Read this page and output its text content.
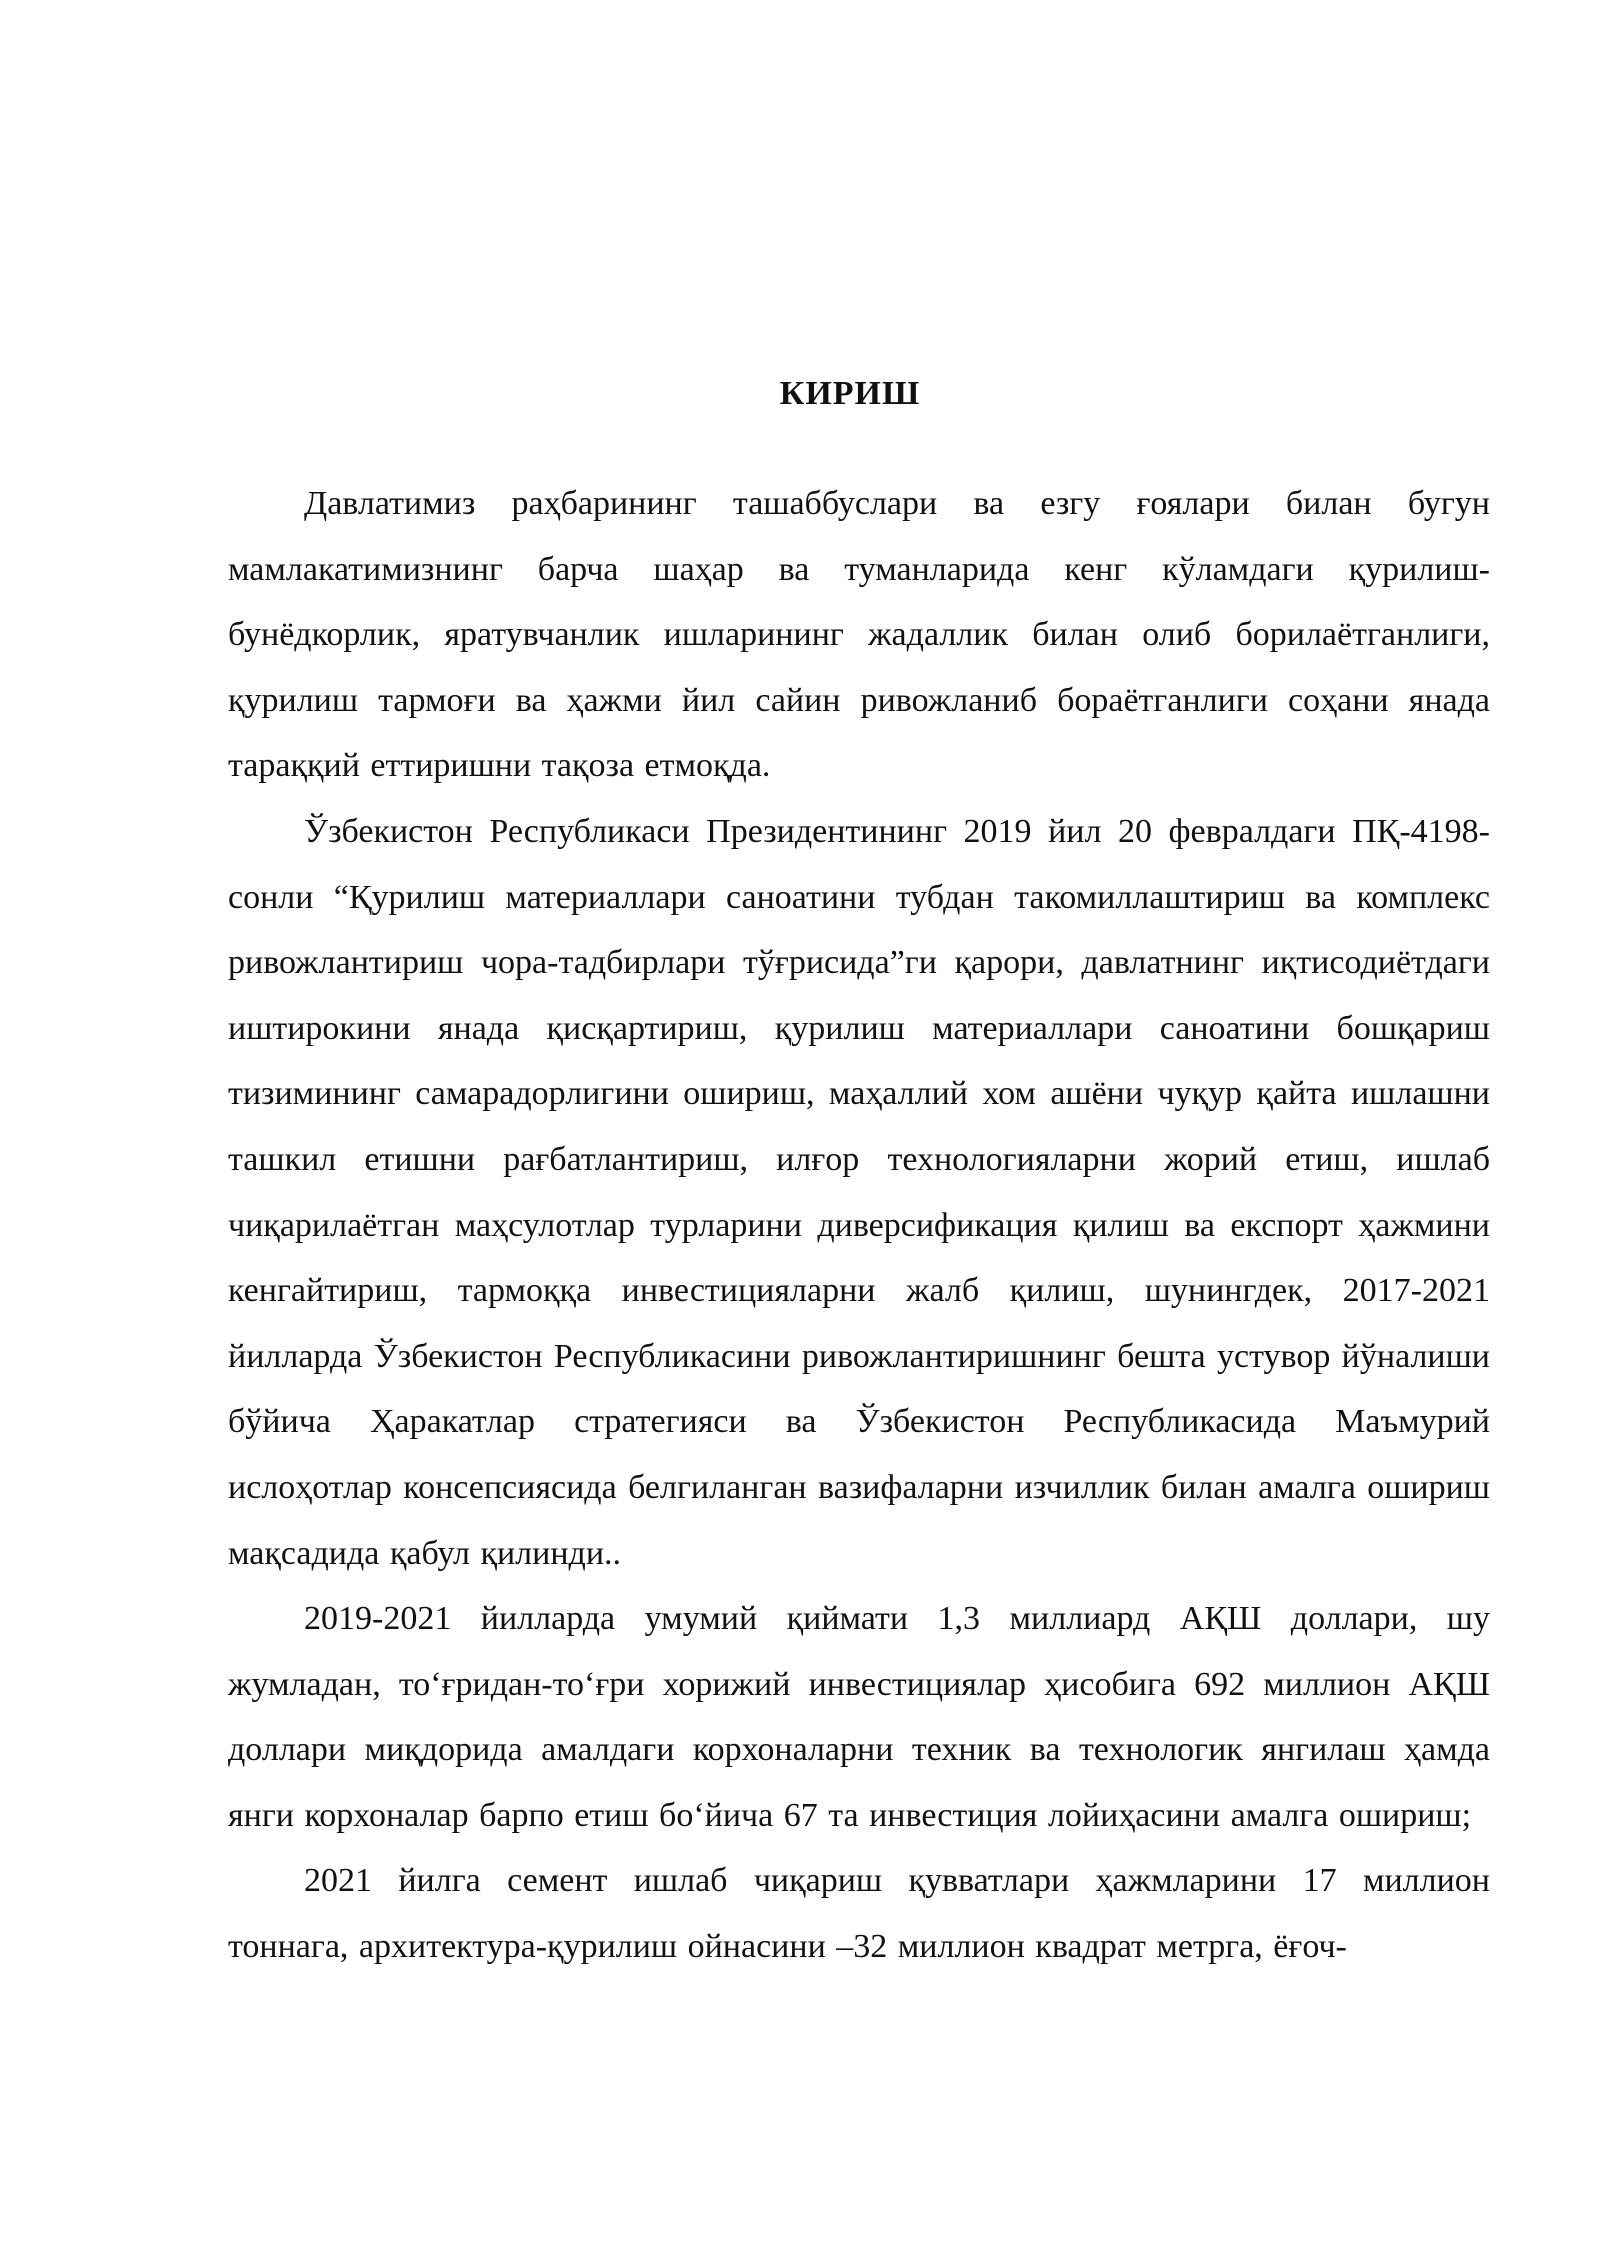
КИРИШ

Давлатимиз раҳбарининг ташаббуслари ва езгу ғоялари билан бугун мамлакатимизнинг барча шаҳар ва туманларида кенг кўламдаги қурилиш-бунёдкорлик, яратувчанлик ишларининг жадаллик билан олиб борилаётганлиги, қурилиш тармоғи ва ҳажми йил сайин ривожланиб бораётганлиги соҳани янада тараққий еттиришни тақоза етмоқда.

Ўзбекистон Республикаси Президентининг 2019 йил 20 февралдаги ПҚ-4198-сонли “Қурилиш материаллари саноатини тубдан такомиллаштириш ва комплекс ривожлантириш чора-тадбирлари тўғрисида”ги қарори, давлатнинг иқтисодиётдаги иштирокини янада қисқартириш, қурилиш материаллари саноатини бошқариш тизимининг самарадорлигини ошириш, маҳаллий хом ашёни чуқур қайта ишлашни ташкил етишни рағбатлантириш, илғор технологияларни жорий етиш, ишлаб чиқарилаётган маҳсулотлар турларини диверсификация қилиш ва експорт ҳажмини кенгайтириш, тармоққа инвестицияларни жалб қилиш, шунингдек, 2017-2021 йилларда Ўзбекистон Республикасини ривожлантиришнинг бешта устувор йўналиши бўйича Ҳаракатлар стратегияси ва Ўзбекистон Республикасида Маъмурий ислоҳотлар консепсиясида белгиланган вазифаларни изчиллик билан амалга ошириш мақсадида қабул қилинди..

2019-2021 йилларда умумий қиймати 1,3 миллиард АҚШ доллари, шу жумладан, тоʻғридан-тоʻғри хорижий инвестициялар ҳисобига 692 миллион АҚШ доллари миқдорида амалдаги корхоналарни техник ва технологик янгилаш ҳамда янги корхоналар барпо етиш боʻйича 67 та инвестиция лойиҳасини амалга ошириш;

2021 йилга семент ишлаб чиқариш қувватлари ҳажмларини 17 миллион тоннага, архитектура-қурилиш ойнасини –32 миллион квадрат метрга, ёғоч-
